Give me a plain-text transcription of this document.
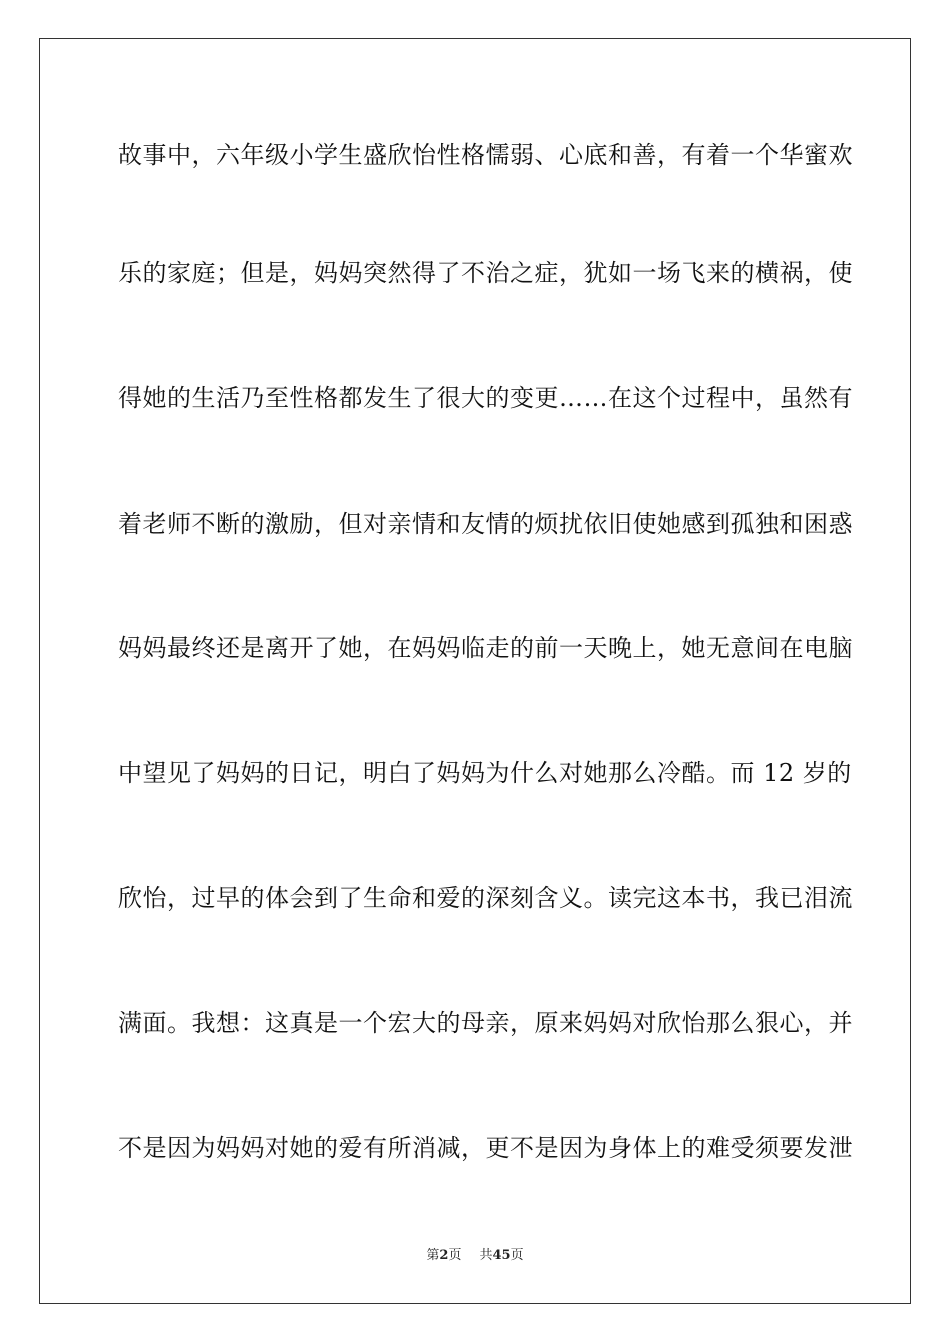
故事中，六年级小学生盛欣怡性格懦弱、心底和善，有着一个华蜜欢
乐的家庭；但是，妈妈突然得了不治之症，犹如一场飞来的横祸，使
得她的生活乃至性格都发生了很大的变更……在这个过程中，虽然有
着老师不断的激励，但对亲情和友情的烦扰依旧使她感到孤独和困惑
妈妈最终还是离开了她，在妈妈临走的前一天晚上，她无意间在电脑
中望见了妈妈的日记，明白了妈妈为什么对她那么冷酷。而 12 岁的
欣怡，过早的体会到了生命和爱的深刻含义。读完这本书，我已泪流
满面。我想：这真是一个宏大的母亲，原来妈妈对欣怡那么狠心，并
不是因为妈妈对她的爱有所消减，更不是因为身体上的难受须要发泄
第2页 共45页
